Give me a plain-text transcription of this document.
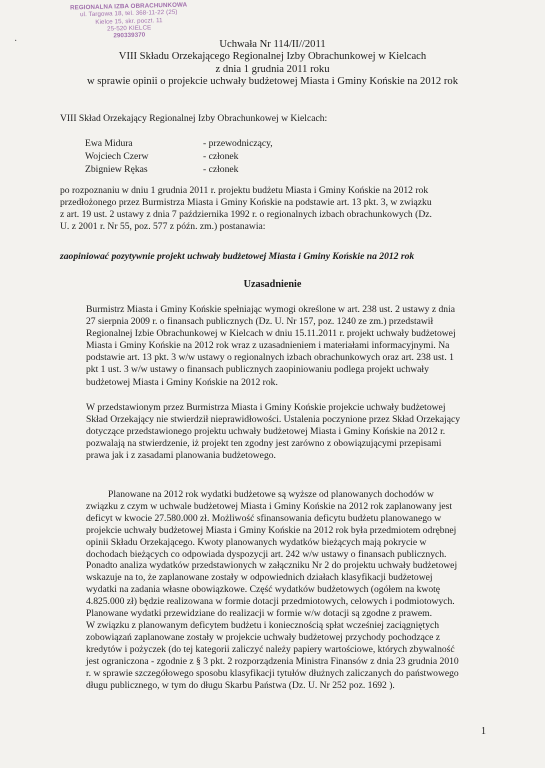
REGIONALNA IZBA OBRACHUNKOWA
ul. Targowa 18, tel. 368-11-22 (25)
Kielce 15, skr. poczt. 11
25-520 KIELCE
290339370
·	Uchwała Nr 114/II//2011
VIII Składu Orzekającego Regionalnej Izby Obrachunkowej w Kielcach
z dnia 1 grudnia 2011 roku
w sprawie opinii o projekcie uchwały budżetowej Miasta i Gminy Końskie na 2012 rok
VIII Skład Orzekający Regionalnej Izby Obrachunkowej w Kielcach:
Ewa Midura	- przewodniczący,
Wojciech Czerw	- członek
Zbigniew Rękas	- członek
po rozpoznaniu w dniu 1 grudnia 2011 r. projektu budżetu Miasta i Gminy Końskie na 2012 rok
przedłożonego przez Burmistrza Miasta i Gminy Końskie na podstawie art. 13 pkt. 3, w związku
z art. 19 ust. 2 ustawy z dnia 7 października 1992 r. o regionalnych izbach obrachunkowych (Dz.
U. z 2001 r. Nr 55, poz. 577 z późn. zm.) postanawia:
zaopiniować pozytywnie projekt uchwały budżetowej Miasta i Gminy Końskie na 2012 rok
Uzasadnienie
Burmistrz Miasta i Gminy Końskie spełniając wymogi określone w art. 238 ust. 2 ustawy z dnia
27 sierpnia 2009 r. o finansach publicznych (Dz. U. Nr 157, poz. 1240 ze zm.) przedstawił
Regionalnej Izbie Obrachunkowej w Kielcach w dniu 15.11.2011 r. projekt uchwały budżetowej
Miasta i Gminy Końskie na 2012 rok wraz z uzasadnieniem i materiałami informacyjnymi. Na
podstawie art. 13 pkt. 3 w/w ustawy o regionalnych izbach obrachunkowych oraz art. 238 ust. 1
pkt 1 ust. 3 w/w ustawy o finansach publicznych zaopiniowaniu podlega projekt uchwały
budżetowej Miasta i Gminy Końskie na 2012 rok.
W przedstawionym przez Burmistrza Miasta i Gminy Końskie projekcie uchwały budżetowej
Skład Orzekający nie stwierdził nieprawidłowości. Ustalenia poczynione przez Skład Orzekający
dotyczące przedstawionego projektu uchwały budżetowej Miasta i Gminy Końskie na 2012 r.
pozwalają na stwierdzenie, iż projekt ten zgodny jest zarówno z obowiązującymi przepisami
prawa jak i z zasadami planowania budżetowego.
Planowane na 2012 rok wydatki budżetowe są wyższe od planowanych dochodów w
związku z czym w uchwale budżetowej Miasta i Gminy Końskie na 2012 rok zaplanowany jest
deficyt w kwocie 27.580.000 zł. Możliwość sfinansowania deficytu budżetu planowanego w
projekcie uchwały budżetowej Miasta i Gminy Końskie na 2012 rok była przedmiotem odrębnej
opinii Składu Orzekającego. Kwoty planowanych wydatków bieżących mają pokrycie w
dochodach bieżących co odpowiada dyspozycji art. 242 w/w ustawy o finansach publicznych.
Ponadto analiza wydatków przedstawionych w załączniku Nr 2 do projektu uchwały budżetowej
wskazuje na to, że zaplanowane zostały w odpowiednich działach klasyfikacji budżetowej
wydatki na zadania własne obowiązkowe. Część wydatków budżetowych (ogółem na kwotę
4.825.000 zł) będzie realizowana w formie dotacji przedmiotowych, celowych i podmiotowych.
Planowane wydatki przewidziane do realizacji w formie w/w dotacji są zgodne z prawem.
W związku z planowanym deficytem budżetu i koniecznością spłat wcześniej zaciągniętych
zobowiązań zaplanowane zostały w projekcie uchwały budżetowej przychody pochodzące z
kredytów i pożyczek (do tej kategorii zaliczyć należy papiery wartościowe, których zbywalność
jest ograniczona - zgodnie z § 3 pkt. 2 rozporządzenia Ministra Finansów z dnia 23 grudnia 2010
r. w sprawie szczegółowego sposobu klasyfikacji tytułów dłużnych zaliczanych do państwowego
długu publicznego, w tym do długu Skarbu Państwa (Dz. U. Nr 252 poz. 1692 ).
1
